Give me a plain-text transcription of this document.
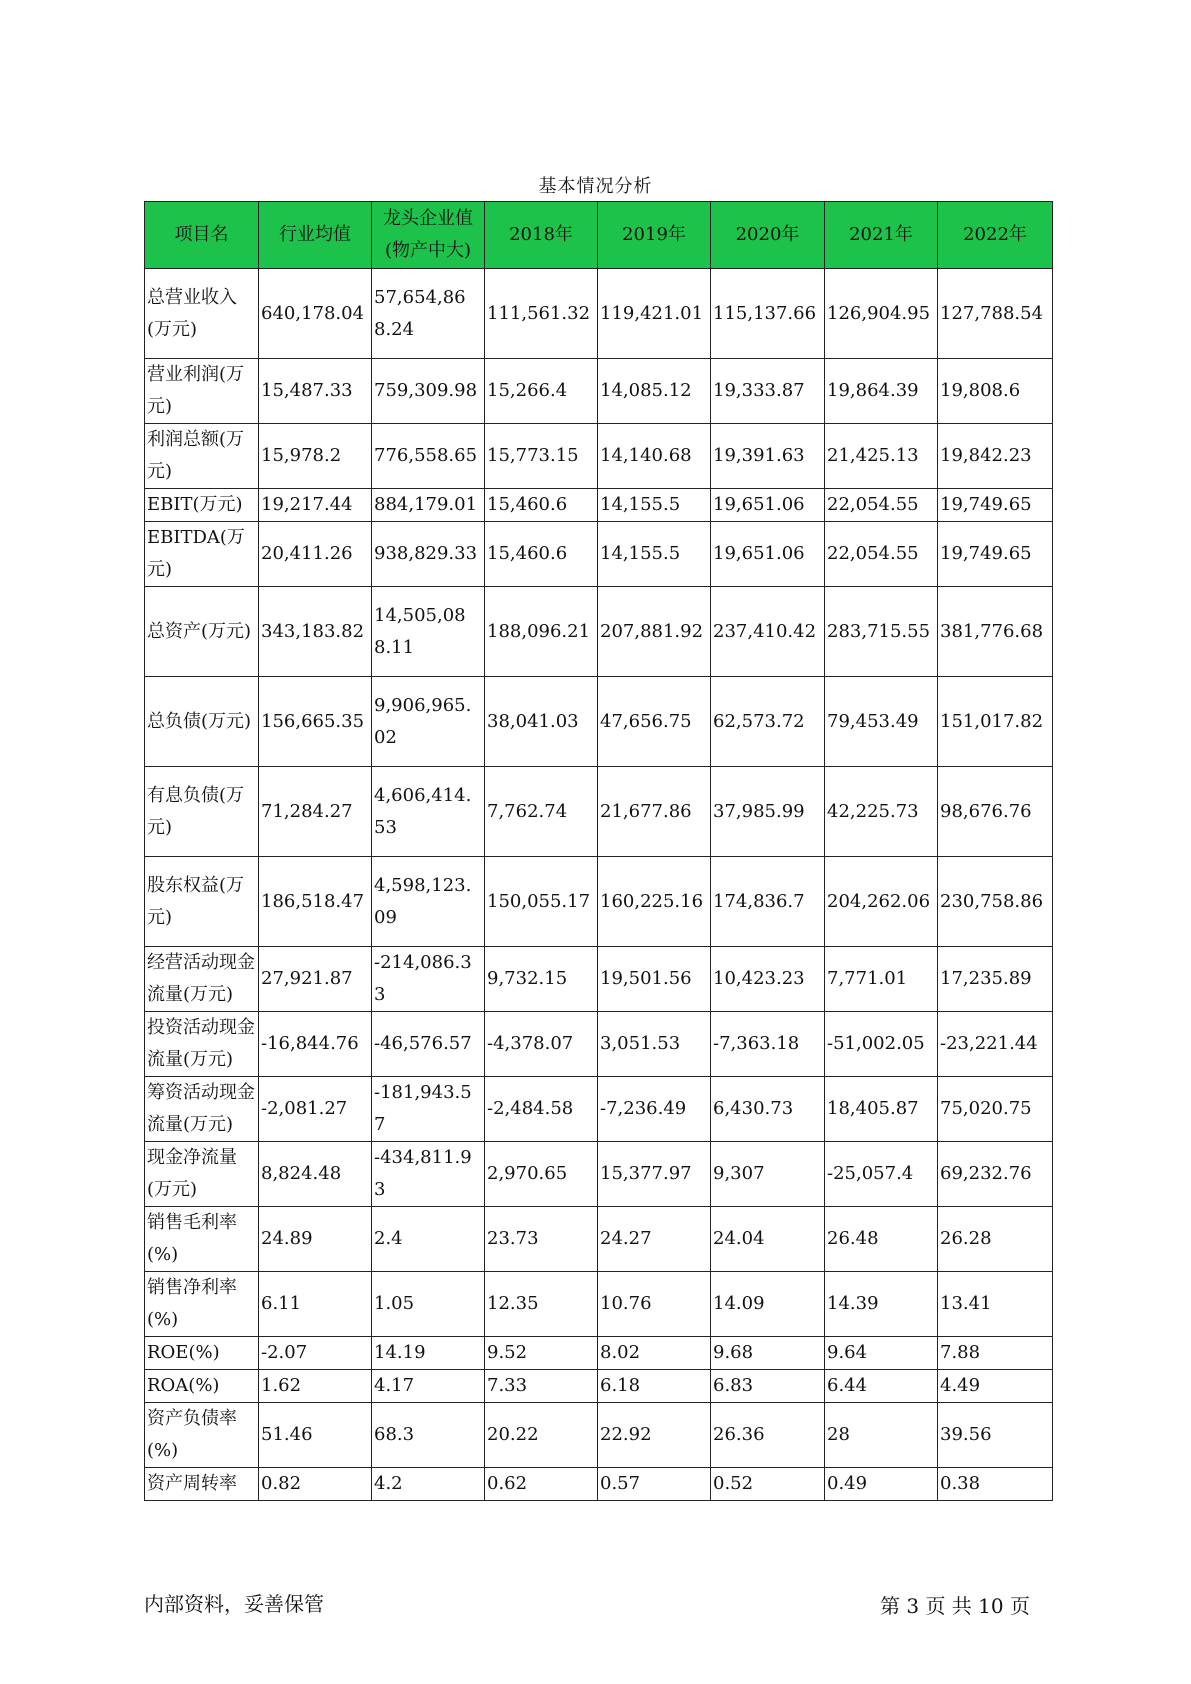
基本情况分析
项目名	行业均值	龙头企业值(物产中大)	2018年	2019年	2020年	2021年	2022年
总营业收入(万元)	640,178.04	57,654,868.24	111,561.32	119,421.01	115,137.66	126,904.95	127,788.54
营业利润(万元)	15,487.33	759,309.98	15,266.4	14,085.12	19,333.87	19,864.39	19,808.6
利润总额(万元)	15,978.2	776,558.65	15,773.15	14,140.68	19,391.63	21,425.13	19,842.23
EBIT(万元)	19,217.44	884,179.01	15,460.6	14,155.5	19,651.06	22,054.55	19,749.65
EBITDA(万元)	20,411.26	938,829.33	15,460.6	14,155.5	19,651.06	22,054.55	19,749.65
总资产(万元)	343,183.82	14,505,088.11	188,096.21	207,881.92	237,410.42	283,715.55	381,776.68
总负债(万元)	156,665.35	9,906,965.02	38,041.03	47,656.75	62,573.72	79,453.49	151,017.82
有息负债(万元)	71,284.27	4,606,414.53	7,762.74	21,677.86	37,985.99	42,225.73	98,676.76
股东权益(万元)	186,518.47	4,598,123.09	150,055.17	160,225.16	174,836.7	204,262.06	230,758.86
经营活动现金流量(万元)	27,921.87	-214,086.33	9,732.15	19,501.56	10,423.23	7,771.01	17,235.89
投资活动现金流量(万元)	-16,844.76	-46,576.57	-4,378.07	3,051.53	-7,363.18	-51,002.05	-23,221.44
筹资活动现金流量(万元)	-2,081.27	-181,943.57	-2,484.58	-7,236.49	6,430.73	18,405.87	75,020.75
现金净流量(万元)	8,824.48	-434,811.93	2,970.65	15,377.97	9,307	-25,057.4	69,232.76
销售毛利率(%)	24.89	2.4	23.73	24.27	24.04	26.48	26.28
销售净利率(%)	6.11	1.05	12.35	10.76	14.09	14.39	13.41
ROE(%)	-2.07	14.19	9.52	8.02	9.68	9.64	7.88
ROA(%)	1.62	4.17	7.33	6.18	6.83	6.44	4.49
资产负债率(%)	51.46	68.3	20.22	22.92	26.36	28	39.56
资产周转率	0.82	4.2	0.62	0.57	0.52	0.49	0.38
内部资料，妥善保管	第 3 页 共 10 页
